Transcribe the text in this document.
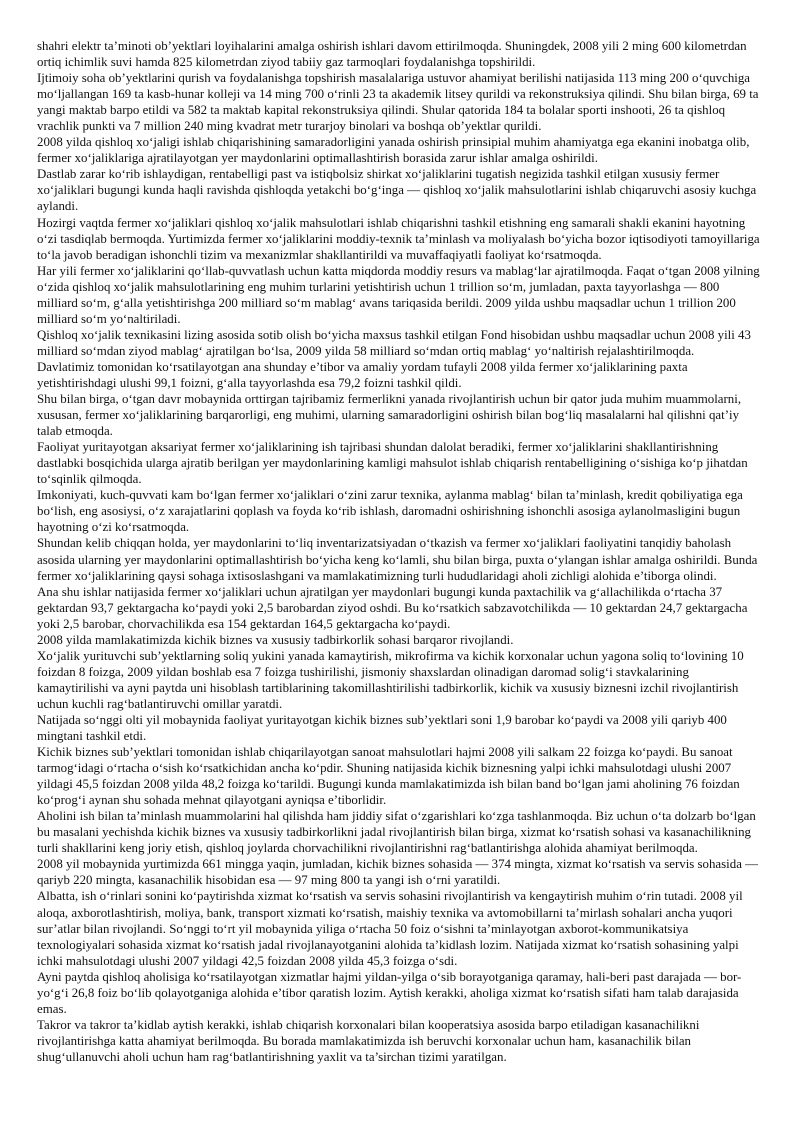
shahri elektr ta’minoti ob’yektlari loyihalarini amalga oshirish ishlari davom ettirilmoqda. Shuningdek, 2008 yili 2 ming 600 kilometrdan ortiq ichimlik suvi hamda 825 kilometrdan ziyod tabiiy gaz tarmoqlari foydalanishga topshirildi.

Ijtimoiy soha ob’yektlarini qurish va foydalanishga topshirish masalalariga ustuvor ahamiyat berilishi natijasida 113 ming 200 o‘quvchiga mo‘ljallangan 169 ta kasb-hunar kolleji va 14 ming 700 o‘rinli 23 ta akademik litsey qurildi va rekonstruksiya qilindi. Shu bilan birga, 69 ta yangi maktab barpo etildi va 582 ta maktab kapital rekonstruksiya qilindi. Shular qatorida 184 ta bolalar sporti inshooti, 26 ta qishloq vrachlik punkti va 7 million 240 ming kvadrat metr turarjoy binolari va boshqa ob’yektlar qurildi.

2008 yilda qishloq xo‘jaligi ishlab chiqarishining samaradorligini yanada oshirish prinsipial muhim ahamiyatga ega ekanini inobatga olib, fermer xo‘jaliklariga ajratilayotgan yer maydonlarini optimallashtirish borasida zarur ishlar amalga oshirildi.

Dastlab zarar ko‘rib ishlaydigan, rentabelligi past va istiqbolsiz shirkat xo‘jaliklarini tugatish negizida tashkil etilgan xususiy fermer xo‘jaliklari bugungi kunda haqli ravishda qishloqda yetakchi bo‘g‘inga — qishloq xo‘jalik mahsulotlarini ishlab chiqaruvchi asosiy kuchga aylandi.

Hozirgi vaqtda fermer xo‘jaliklari qishloq xo‘jalik mahsulotlari ishlab chiqarishni tashkil etishning eng samarali shakli ekanini hayotning o‘zi tasdiqlab bermoqda. Yurtimizda fermer xo‘jaliklarini moddiy-texnik ta’minlash va moliyalash bo‘yicha bozor iqtisodiyoti tamoyillariga to‘la javob beradigan ishonchli tizim va mexanizmlar shakllantirildi va muvaffaqiyatli faoliyat ko‘rsatmoqda.

Har yili fermer xo‘jaliklarini qo‘llab-quvvatlash uchun katta miqdorda moddiy resurs va mablag‘lar ajratilmoqda. Faqat o‘tgan 2008 yilning o‘zida qishloq xo‘jalik mahsulotlarining eng muhim turlarini yetishtirish uchun 1 trillion so‘m, jumladan, paxta tayyorlashga — 800 milliard so‘m, g‘alla yetishtirishga 200 milliard so‘m mablag‘ avans tariqasida berildi. 2009 yilda ushbu maqsadlar uchun 1 trillion 200 milliard so‘m yo‘naltiriladi.

Qishloq xo‘jalik texnikasini lizing asosida sotib olish bo‘yicha maxsus tashkil etilgan Fond hisobidan ushbu maqsadlar uchun 2008 yili 43 milliard so‘mdan ziyod mablag‘ ajratilgan bo‘lsa, 2009 yilda 58 milliard so‘mdan ortiq mablag‘ yo‘naltirish rejalashtirilmoqda.

Davlatimiz tomonidan ko‘rsatilayotgan ana shunday e’tibor va amaliy yordam tufayli 2008 yilda fermer xo‘jaliklarining paxta yetishtirishdagi ulushi 99,1 foizni, g‘alla tayyorlashda esa 79,2 foizni tashkil qildi.

Shu bilan birga, o‘tgan davr mobaynida orttirgan tajribamiz fermerlikni yanada rivojlantirish uchun bir qator juda muhim muammolarni, xususan, fermer xo‘jaliklarining barqarorligi, eng muhimi, ularning samaradorligini oshirish bilan bog‘liq masalalarni hal qilishni qat’iy talab etmoqda.

Faoliyat yuritayotgan aksariyat fermer xo‘jaliklarining ish tajribasi shundan dalolat beradiki, fermer xo‘jaliklarini shakllantirishning dastlabki bosqichida ularga ajratib berilgan yer maydonlarining kamligi mahsulot ishlab chiqarish rentabelligining o‘sishiga ko‘p jihatdan to‘sqinlik qilmoqda.

Imkoniyati, kuch-quvvati kam bo‘lgan fermer xo‘jaliklari o‘zini zarur texnika, aylanma mablag‘ bilan ta’minlash, kredit qobiliyatiga ega bo‘lish, eng asosiysi, o‘z xarajatlarini qoplash va foyda ko‘rib ishlash, daromadni oshirishning ishonchli asosiga aylanolmasligini bugun hayotning o‘zi ko‘rsatmoqda.

Shundan kelib chiqqan holda, yer maydonlarini to‘liq inventarizatsiyadan o‘tkazish va fermer xo‘jaliklari faoliyatini tanqidiy baholash asosida ularning yer maydonlarini optimallashtirish bo‘yicha keng ko‘lamli, shu bilan birga, puxta o‘ylangan ishlar amalga oshirildi. Bunda fermer xo‘jaliklarining qaysi sohaga ixtisoslashgani va mamlakatimizning turli hududlaridagi aholi zichligi alohida e’tiborga olindi.

Ana shu ishlar natijasida fermer xo‘jaliklari uchun ajratilgan yer maydonlari bugungi kunda paxtachilik va g‘allachilikda o‘rtacha 37 gektardan 93,7 gektargacha ko‘paydi yoki 2,5 barobardan ziyod oshdi. Bu ko‘rsatkich sabzavotchilikda — 10 gektardan 24,7 gektargacha yoki 2,5 barobar, chorvachilikda esa 154 gektardan 164,5 gektargacha ko‘paydi.

2008 yilda mamlakatimizda kichik biznes va xususiy tadbirkorlik sohasi barqaror rivojlandi.

Xo‘jalik yurituvchi sub’yektlarning soliq yukini yanada kamaytirish, mikrofirma va kichik korxonalar uchun yagona soliq to‘lovining 10 foizdan 8 foizga, 2009 yildan boshlab esa 7 foizga tushirilishi, jismoniy shaxslardan olinadigan daromad solig‘i stavkalarining kamaytirilishi va ayni paytda uni hisoblash tartiblarining takomillashtirilishi tadbirkorlik, kichik va xususiy biznesni izchil rivojlantirish uchun kuchli rag‘batlantiruvchi omillar yaratdi.

Natijada so‘nggi olti yil mobaynida faoliyat yuritayotgan kichik biznes sub’yektlari soni 1,9 barobar ko‘paydi va 2008 yili qariyb 400 mingtani tashkil etdi.

Kichik biznes sub’yektlari tomonidan ishlab chiqarilayotgan sanoat mahsulotlari hajmi 2008 yili salkam 22 foizga ko‘paydi. Bu sanoat tarmog‘idagi o‘rtacha o‘sish ko‘rsatkichidan ancha ko‘pdir. Shuning natijasida kichik biznesning yalpi ichki mahsulotdagi ulushi 2007 yildagi 45,5 foizdan 2008 yilda 48,2 foizga ko‘tarildi. Bugungi kunda mamlakatimizda ish bilan band bo‘lgan jami aholining 76 foizdan ko‘prog‘i aynan shu sohada mehnat qilayotgani ayniqsa e’tiborlidir.

Aholini ish bilan ta’minlash muammolarini hal qilishda ham jiddiy sifat o‘zgarishlari ko‘zga tashlanmoqda. Biz uchun o‘ta dolzarb bo‘lgan bu masalani yechishda kichik biznes va xususiy tadbirkorlikni jadal rivojlantirish bilan birga, xizmat ko‘rsatish sohasi va kasanachilikning turli shakllarini keng joriy etish, qishloq joylarda chorvachilikni rivojlantirishni rag‘batlantirishga alohida ahamiyat berilmoqda.

2008 yil mobaynida yurtimizda 661 mingga yaqin, jumladan, kichik biznes sohasida — 374 mingta, xizmat ko‘rsatish va servis sohasida — qariyb 220 mingta, kasanachilik hisobidan esa — 97 ming 800 ta yangi ish o‘rni yaratildi.

Albatta, ish o‘rinlari sonini ko‘paytirishda xizmat ko‘rsatish va servis sohasini rivojlantirish va kengaytirish muhim o‘rin tutadi. 2008 yil aloqa, axborotlashtirish, moliya, bank, transport xizmati ko‘rsatish, maishiy texnika va avtomobillarni ta’mirlash sohalari ancha yuqori sur’atlar bilan rivojlandi. So‘nggi to‘rt yil mobaynida yiliga o‘rtacha 50 foiz o‘sishni ta’minlayotgan axborot-kommunikatsiya texnologiyalari sohasida xizmat ko‘rsatish jadal rivojlanayotganini alohida ta’kidlash lozim. Natijada xizmat ko‘rsatish sohasining yalpi ichki mahsulotdagi ulushi 2007 yildagi 42,5 foizdan 2008 yilda 45,3 foizga o‘sdi.

Ayni paytda qishloq aholisiga ko‘rsatilayotgan xizmatlar hajmi yildan-yilga o‘sib borayotganiga qaramay, hali-beri past darajada — bor-yo‘g‘i 26,8 foiz bo‘lib qolayotganiga alohida e’tibor qaratish lozim. Aytish kerakki, aholiga xizmat ko‘rsatish sifati ham talab darajasida emas.

Takror va takror ta’kidlab aytish kerakki, ishlab chiqarish korxonalari bilan kooperatsiya asosida barpo etiladigan kasanachilikni rivojlantirishga katta ahamiyat berilmoqda. Bu borada mamlakatimizda ish beruvchi korxonalar uchun ham, kasanachilik bilan shug‘ullanuvchi aholi uchun ham rag‘batlantirishning yaxlit va ta’sirchan tizimi yaratilgan.
